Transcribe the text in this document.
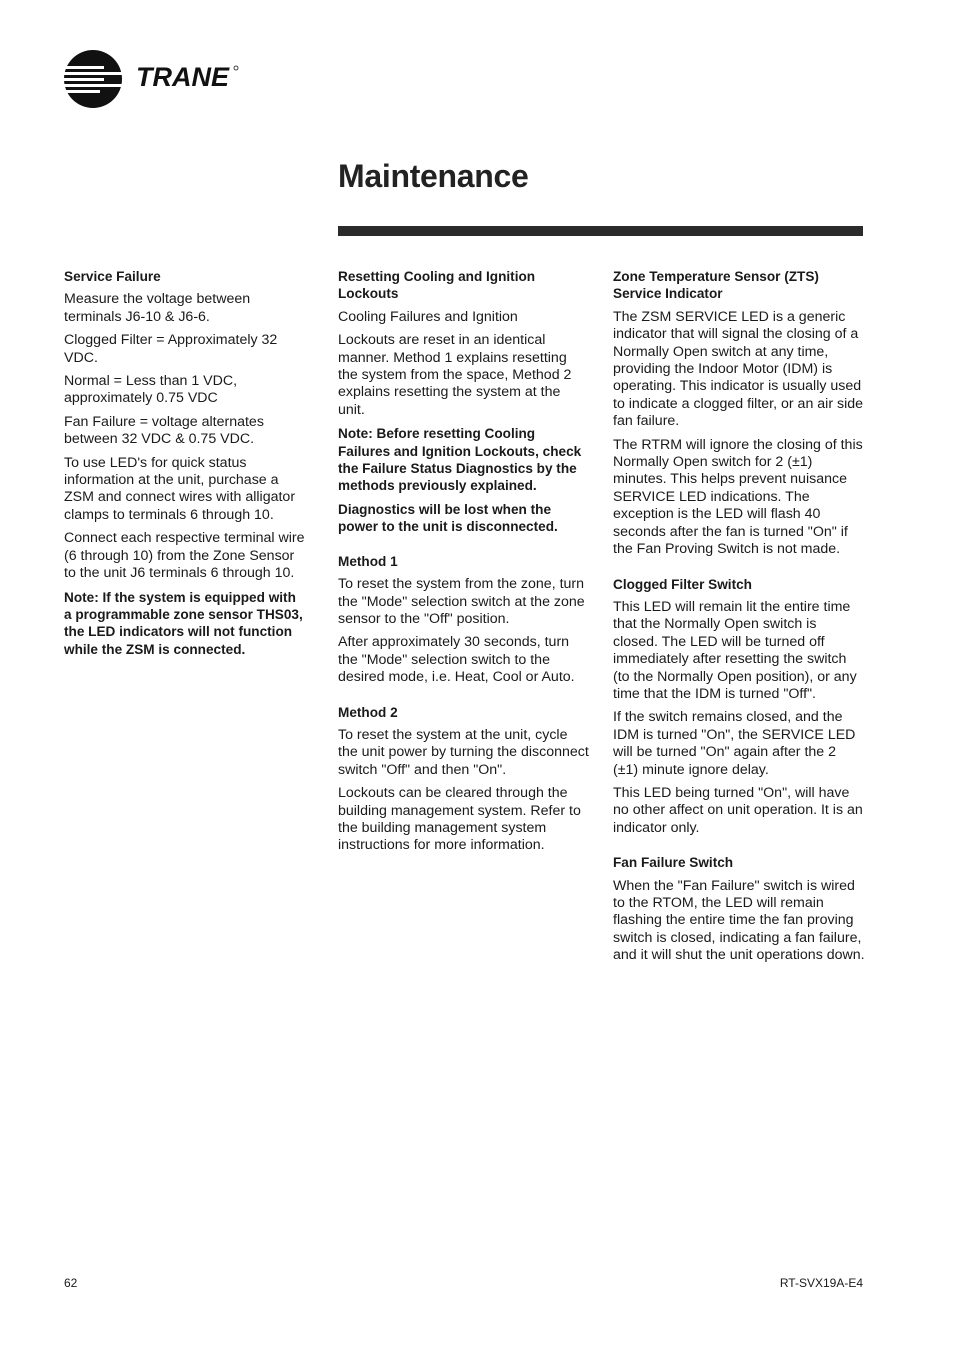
TRANE
Maintenance
Service Failure

Measure the voltage between terminals J6-10 & J6-6.

Clogged Filter = Approximately 32 VDC.

Normal = Less than 1 VDC, approximately 0.75 VDC

Fan Failure = voltage alternates between 32 VDC & 0.75 VDC.

To use LED's for quick status information at the unit, purchase a ZSM and connect wires with alligator clamps to terminals 6 through 10.

Connect each respective terminal wire (6 through 10) from the Zone Sensor to the unit J6 terminals 6 through 10.

Note: If the system is equipped with a programmable zone sensor THS03, the LED indicators will not function while the ZSM is connected.

Resetting Cooling and Ignition Lockouts

Cooling Failures and Ignition

Lockouts are reset in an identical manner. Method 1 explains resetting the system from the space, Method 2 explains resetting the system at the unit.

Note: Before resetting Cooling Failures and Ignition Lockouts, check the Failure Status Diagnostics by the methods previously explained.

Diagnostics will be lost when the power to the unit is disconnected.

Method 1

To reset the system from the zone, turn the "Mode" selection switch at the zone sensor to the "Off" position.

After approximately 30 seconds, turn the "Mode" selection switch to the desired mode, i.e. Heat, Cool or Auto.

Method 2

To reset the system at the unit, cycle the unit power by turning the disconnect switch "Off" and then "On".

Lockouts can be cleared through the building management system. Refer to the building management system instructions for more information.

Zone Temperature Sensor (ZTS) Service Indicator

The ZSM SERVICE LED is a generic indicator that will signal the closing of a Normally Open switch at any time, providing the Indoor Motor (IDM) is operating. This indicator is usually used to indicate a clogged filter, or an air side fan failure.

The RTRM will ignore the closing of this Normally Open switch for 2 (±1) minutes. This helps prevent nuisance SERVICE LED indications. The exception is the LED will flash 40 seconds after the fan is turned "On" if the Fan Proving Switch is not made.

Clogged Filter Switch

This LED will remain lit the entire time that the Normally Open switch is closed. The LED will be turned off immediately after resetting the switch (to the Normally Open position), or any time that the IDM is turned "Off".

If the switch remains closed, and the IDM is turned "On", the SERVICE LED will be turned "On" again after the 2 (±1) minute ignore delay.

This LED being turned "On", will have no other affect on unit operation. It is an indicator only.

Fan Failure Switch

When the "Fan Failure" switch is wired to the RTOM, the LED will remain flashing the entire time the fan proving switch is closed, indicating a fan failure, and it will shut the unit operations down.

62	RT-SVX19A-E4
